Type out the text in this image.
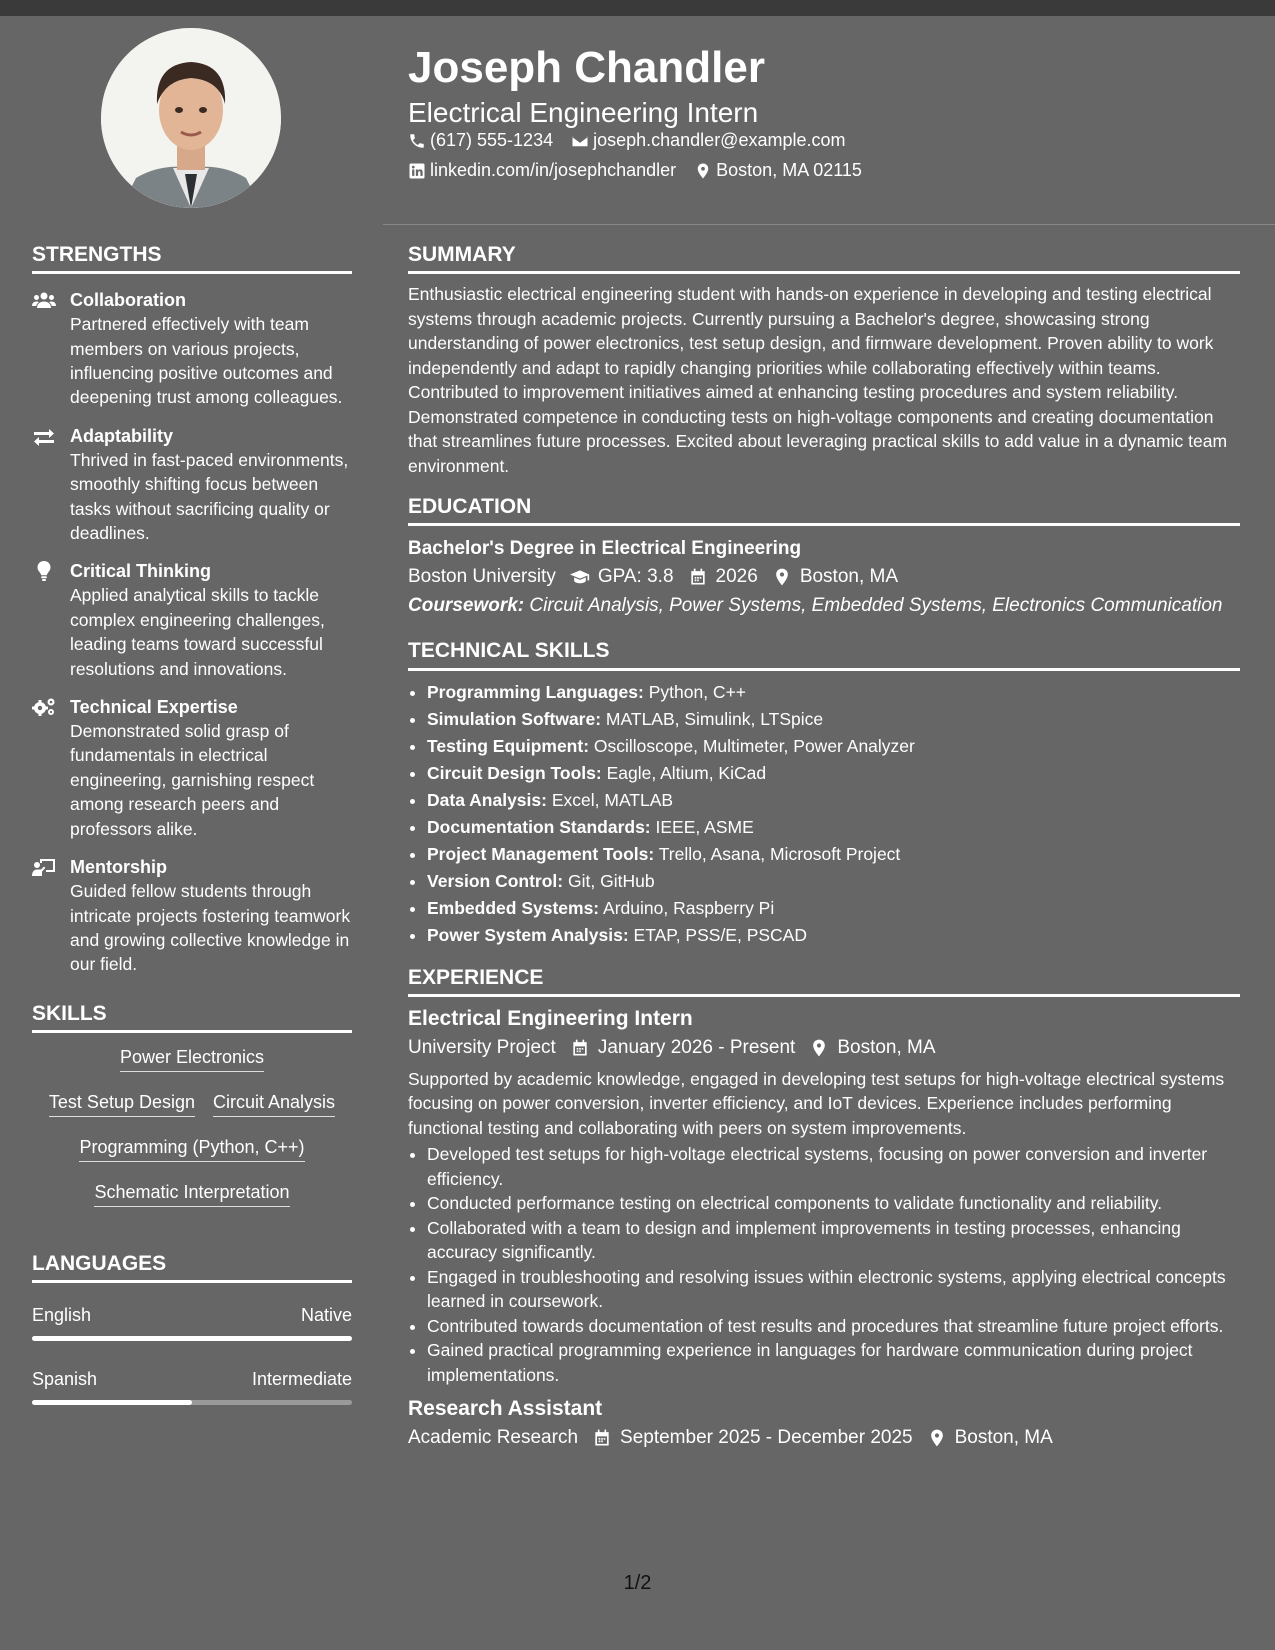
Joseph Chandler
Electrical Engineering Intern
(617) 555-1234 joseph.chandler@example.com
linkedin.com/in/josephchandler Boston, MA 02115
STRENGTHS
Collaboration
Partnered effectively with team members on various projects, influencing positive outcomes and deepening trust among colleagues.
Adaptability
Thrived in fast-paced environments, smoothly shifting focus between tasks without sacrificing quality or deadlines.
Critical Thinking
Applied analytical skills to tackle complex engineering challenges, leading teams toward successful resolutions and innovations.
Technical Expertise
Demonstrated solid grasp of fundamentals in electrical engineering, garnishing respect among research peers and professors alike.
Mentorship
Guided fellow students through intricate projects fostering teamwork and growing collective knowledge in our field.
SKILLS
Power Electronics
Test Setup Design Circuit Analysis
Programming (Python, C++)
Schematic Interpretation
LANGUAGES
English	Native
Spanish	Intermediate
SUMMARY
Enthusiastic electrical engineering student with hands-on experience in developing and testing electrical systems through academic projects. Currently pursuing a Bachelor's degree, showcasing strong understanding of power electronics, test setup design, and firmware development. Proven ability to work independently and adapt to rapidly changing priorities while collaborating effectively within teams. Contributed to improvement initiatives aimed at enhancing testing procedures and system reliability. Demonstrated competence in conducting tests on high-voltage components and creating documentation that streamlines future processes. Excited about leveraging practical skills to add value in a dynamic team environment.
EDUCATION
Bachelor's Degree in Electrical Engineering
Boston University GPA: 3.8 2026 Boston, MA
Coursework: Circuit Analysis, Power Systems, Embedded Systems, Electronics Communication
TECHNICAL SKILLS
• Programming Languages: Python, C++
• Simulation Software: MATLAB, Simulink, LTSpice
• Testing Equipment: Oscilloscope, Multimeter, Power Analyzer
• Circuit Design Tools: Eagle, Altium, KiCad
• Data Analysis: Excel, MATLAB
• Documentation Standards: IEEE, ASME
• Project Management Tools: Trello, Asana, Microsoft Project
• Version Control: Git, GitHub
• Embedded Systems: Arduino, Raspberry Pi
• Power System Analysis: ETAP, PSS/E, PSCAD
EXPERIENCE
Electrical Engineering Intern
University Project January 2026 - Present Boston, MA
Supported by academic knowledge, engaged in developing test setups for high-voltage electrical systems focusing on power conversion, inverter efficiency, and IoT devices. Experience includes performing functional testing and collaborating with peers on system improvements.
• Developed test setups for high-voltage electrical systems, focusing on power conversion and inverter efficiency.
• Conducted performance testing on electrical components to validate functionality and reliability.
• Collaborated with a team to design and implement improvements in testing processes, enhancing accuracy significantly.
• Engaged in troubleshooting and resolving issues within electronic systems, applying electrical concepts learned in coursework.
• Contributed towards documentation of test results and procedures that streamline future project efforts.
• Gained practical programming experience in languages for hardware communication during project implementations.
Research Assistant
Academic Research September 2025 - December 2025 Boston, MA
1/2
